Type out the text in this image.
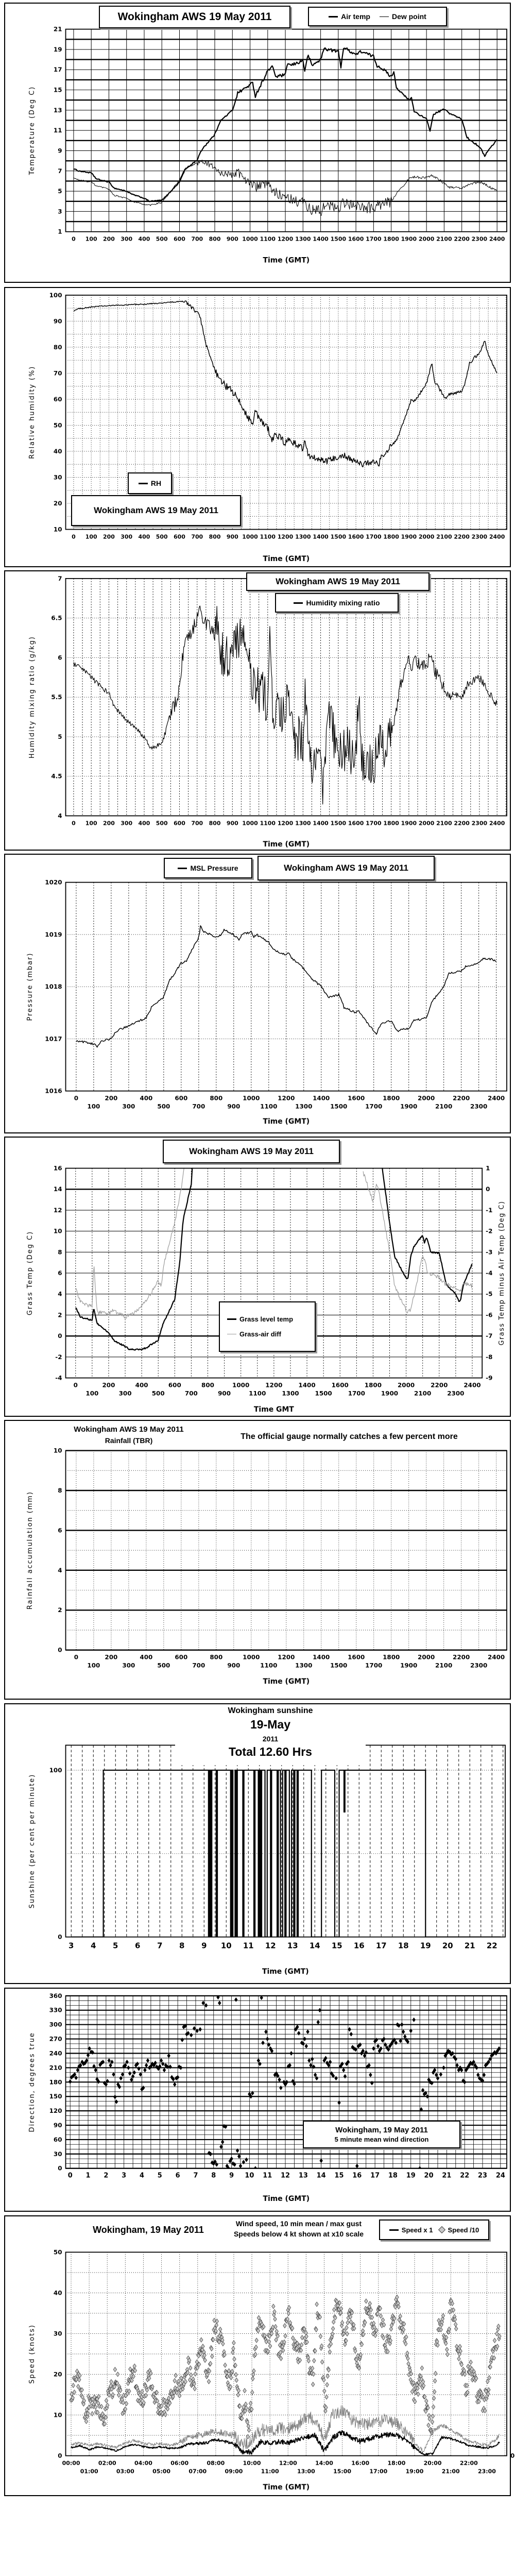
0 100 200 300 400 500 600 700 800 900 1000 1100 1200 1300 1400 1500 1600 1700 1800 1900 2000 2100 2200 2300 2400
Time (GMT)
1
3
5
7
9
11
13
15
17
19
21
Temperature (Deg C)
Wokingham AWS 19 May 2011	Air temp	Dew point
0 100 200 300 400 500 600 700 800 900 1000 1100 1200 1300 1400 1500 1600 1700 1800 1900 2000 2100 2200 2300 2400
Time (GMT)
10
20
30
40
50
60
70
80
90
100
Relative humidity (%)
RH
Wokingham AWS 19 May 2011
0 100 200 300 400 500 600 700 800 900 1000 1100 1200 1300 1400 1500 1600 1700 1800 1900 2000 2100 2200 2300 2400
Time (GMT)
4
4.5
5
5.5
6
6.5
7
Humidity mixing ratio (g/kg)
Wokingham AWS 19 May 2011
Humidity mixing ratio
0	200	400	600	800	1000	1200	1400	1600	1800	2000	2200	2400
100	300	500	700	900	1100	1300	1500	1700	1900	2100	2300
Time (GMT)
1016
1017
1018
1019
1020
Pressure (mbar)
MSL Pressure	Wokingham AWS 19 May 2011
0	200	400	600	800	1000	1200	1400	1600	1800	2000	2200	2400
100	300	500	700	900	1100	1300	1500	1700	1900	2100	2300
Time GMT
-4
-2
0
2
4
6
8
10
12
14
16
Grass Temp (Deg C)
-9
-8
-7
-6
-5
-4
-3
-2
-1
0
1
Grass Temp minus Air Temp (Deg C)
Wokingham AWS 19 May 2011
Grass level temp
Grass-air diff
0	200	400	600	800	1000	1200	1400	1600	1800	2000	2200	2400
100	300	500	700	900	1100	1300	1500	1700	1900	2100	2300
Time (GMT)
0
2
4
6
8
10
Rainfall accumulation (mm)
Wokingham AWS 19 May 2011
Rainfall (TBR)	The official gauge normally catches a few percent more
3 4 5 6 7 8 9 10 11 12 13 14 15 16 17 18 19 20 21 22
Time (GMT)
0
100
Sunshine (per cent per minute)
Wokingham sunshine
19-May
2011
Total 12.60 Hrs
0 1 2 3 4 5 6 7 8 9 10 11 12 13 14 15 16 17 18 19 20 21 22 23 24
Time (GMT)
0
30
60
90
120
150
180
210
240
270
300
330
360
Direction, degrees true	Wokingham, 19 May 2011
5 minute mean wind direction
00:00	02:00	04:00	06:00	08:00	10:00	12:00	14:00	16:00	18:00	20:00	22:00
01:00	03:00	05:00	07:00	09:00	11:00	13:00	15:00	17:00	19:00	21:00	23:00
Time (GMT)
0
10
20
30
40
50
Speed (knots)
0
Wokingham, 19 May 2011
Wind speed, 10 min mean / max gust
Speeds below 4 kt shown at x10 scale	Speed x 1 Speed /10
